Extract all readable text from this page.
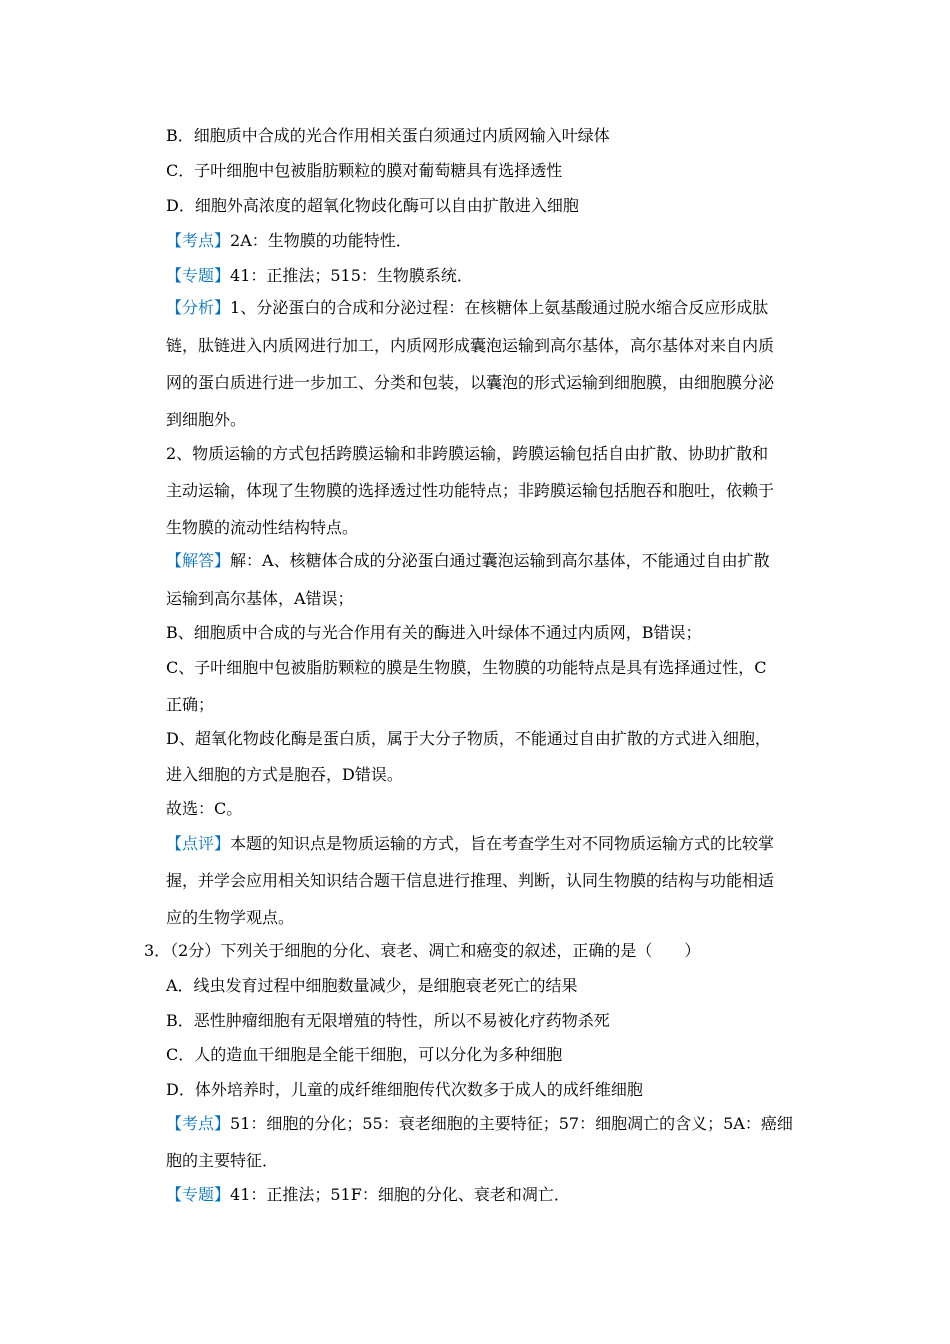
B．细胞质中合成的光合作用相关蛋白须通过内质网输入叶绿体
C．子叶细胞中包被脂肪颗粒的膜对葡萄糖具有选择透性
D．细胞外高浓度的超氧化物歧化酶可以自由扩散进入细胞
【考点】2A：生物膜的功能特性．
【专题】41：正推法；515：生物膜系统．
【分析】1、分泌蛋白的合成和分泌过程：在核糖体上氨基酸通过脱水缩合反应形成肽
链，肽链进入内质网进行加工，内质网形成囊泡运输到高尔基体，高尔基体对来自内质
网的蛋白质进行进一步加工、分类和包装，以囊泡的形式运输到细胞膜，由细胞膜分泌
到细胞外。
2、物质运输的方式包括跨膜运输和非跨膜运输，跨膜运输包括自由扩散、协助扩散和
主动运输，体现了生物膜的选择透过性功能特点；非跨膜运输包括胞吞和胞吐，依赖于
生物膜的流动性结构特点。
【解答】解：A、核糖体合成的分泌蛋白通过囊泡运输到高尔基体，不能通过自由扩散
运输到高尔基体，A错误；
B、细胞质中合成的与光合作用有关的酶进入叶绿体不通过内质网，B错误；
C、子叶细胞中包被脂肪颗粒的膜是生物膜，生物膜的功能特点是具有选择通过性，C
正确；
D、超氧化物歧化酶是蛋白质，属于大分子物质，不能通过自由扩散的方式进入细胞，
进入细胞的方式是胞吞，D错误。
故选：C。
【点评】本题的知识点是物质运输的方式，旨在考查学生对不同物质运输方式的比较掌
握，并学会应用相关知识结合题干信息进行推理、判断，认同生物膜的结构与功能相适
应的生物学观点。
3．（2分）下列关于细胞的分化、衰老、凋亡和癌变的叙述，正确的是（　　）
A．线虫发育过程中细胞数量减少，是细胞衰老死亡的结果
B．恶性肿瘤细胞有无限增殖的特性，所以不易被化疗药物杀死
C．人的造血干细胞是全能干细胞，可以分化为多种细胞
D．体外培养时，儿童的成纤维细胞传代次数多于成人的成纤维细胞
【考点】51：细胞的分化；55：衰老细胞的主要特征；57：细胞凋亡的含义；5A：癌细
胞的主要特征．
【专题】41：正推法；51F：细胞的分化、衰老和凋亡．
